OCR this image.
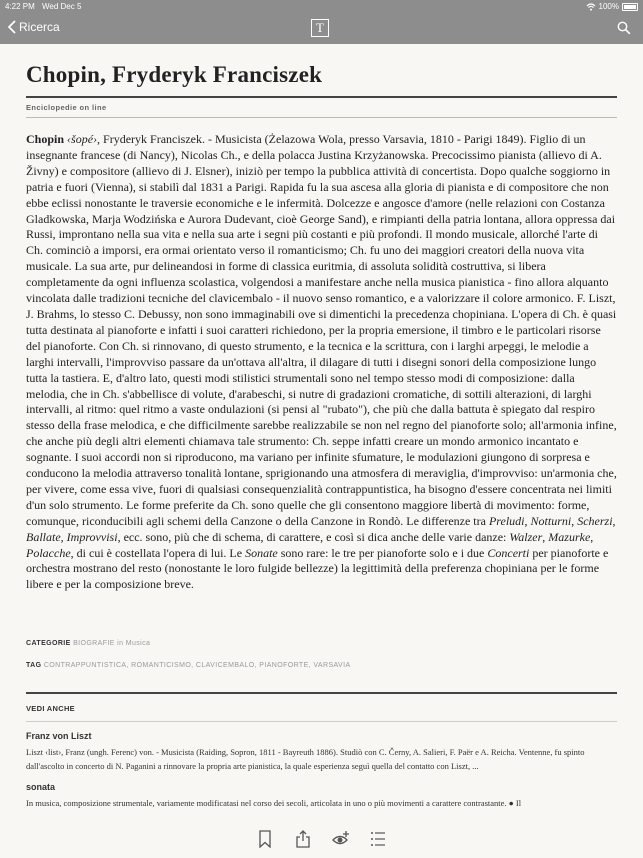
4:22 PM Wed Dec 5	100%
Ricerca	T
Chopin, Fryderyk Franciszek
Enciclopedie on line
Chopin ‹šopé›, Fryderyk Franciszek. - Musicista (Żelazowa Wola, presso Varsavia, 1810 - Parigi 1849). Figlio di un insegnante francese (di Nancy), Nicolas Ch., e della polacca Justina Krzyżanowska. Precocissimo pianista (allievo di A. Živny) e compositore (allievo di J. Elsner), iniziò per tempo la pubblica attività di concertista. Dopo qualche soggiorno in patria e fuori (Vienna), si stabilì dal 1831 a Parigi. Rapida fu la sua ascesa alla gloria di pianista e di compositore che non ebbe eclissi nonostante le traversie economiche e le infermità. Dolcezze e angosce d'amore (nelle relazioni con Costanza Gladkowska, Marja Wodzińska e Aurora Dudevant, cioè George Sand), e rimpianti della patria lontana, allora oppressa dai Russi, improntano nella sua vita e nella sua arte i segni più costanti e più profondi. Il mondo musicale, allorché l'arte di Ch. cominciò a imporsi, era ormai orientato verso il romanticismo; Ch. fu uno dei maggiori creatori della nuova vita musicale. La sua arte, pur delineandosi in forme di classica euritmia, di assoluta solidità costruttiva, si libera completamente da ogni influenza scolastica, volgendosi a manifestare anche nella musica pianistica - fino allora alquanto vincolata dalle tradizioni tecniche del clavicembalo - il nuovo senso romantico, e a valorizzare il colore armonico. F. Liszt, J. Brahms, lo stesso C. Debussy, non sono immaginabili ove si dimentichi la precedenza chopiniana. L'opera di Ch. è quasi tutta destinata al pianoforte e infatti i suoi caratteri richiedono, per la propria emersione, il timbro e le particolari risorse del pianoforte. Con Ch. si rinnovano, di questo strumento, e la tecnica e la scrittura, con i larghi arpeggi, le melodie a larghi intervalli, l'improvviso passare da un'ottava all'altra, il dilagare di tutti i disegni sonori della composizione lungo tutta la tastiera. E, d'altro lato, questi modi stilistici strumentali sono nel tempo stesso modi di composizione: dalla melodia, che in Ch. s'abbellisce di volute, d'arabeschi, si nutre di gradazioni cromatiche, di sottili alterazioni, di larghi intervalli, al ritmo: quel ritmo a vaste ondulazioni (si pensi al "rubato"), che più che dalla battuta è spiegato dal respiro stesso della frase melodica, e che difficilmente sarebbe realizzabile se non nel regno del pianoforte solo; all'armonia infine, che anche più degli altri elementi chiamava tale strumento: Ch. seppe infatti creare un mondo armonico incantato e sognante. I suoi accordi non si riproducono, ma variano per infinite sfumature, le modulazioni giungono di sorpresa e conducono la melodia attraverso tonalità lontane, sprigionando una atmosfera di meraviglia, d'improvviso: un'armonia che, per vivere, come essa vive, fuori di qualsiasi consequenzialità contrappuntistica, ha bisogno d'essere concentrata nei limiti d'un solo strumento. Le forme preferite da Ch. sono quelle che gli consentono maggiore libertà di movimento: forme, comunque, riconducibili agli schemi della Canzone o della Canzone in Rondò. Le differenze tra Preludi, Notturni, Scherzi, Ballate, Improvvisi, ecc. sono, più che di schema, di carattere, e così si dica anche delle varie danze: Walzer, Mazurke, Polacche, di cui è costellata l'opera di lui. Le Sonate sono rare: le tre per pianoforte solo e i due Concerti per pianoforte e orchestra mostrano del resto (nonostante le loro fulgide bellezze) la legittimità della preferenza chopiniana per le forme libere e per la composizione breve.
CATEGORIE BIOGRAFIE in Musica
TAG CONTRAPPUNTISTICA, ROMANTICISMO, CLAVICEMBALO, PIANOFORTE, VARSAVIA
VEDI ANCHE
Franz von Liszt
Liszt ‹list›, Franz (ungh. Ferenc) von. - Musicista (Raiding, Sopron, 1811 - Bayreuth 1886). Studiò con C. Černy, A. Salieri, F. Paër e A. Reicha. Ventenne, fu spinto dall'ascolto in concerto di N. Paganini a rinnovare la propria arte pianistica, la quale esperienza seguì quella del contatto con Liszt, ...
sonata
In musica, composizione strumentale, variamente modificatasi nel corso dei secoli, articolata in uno o più movimenti a carattere contrastante. ● Il
